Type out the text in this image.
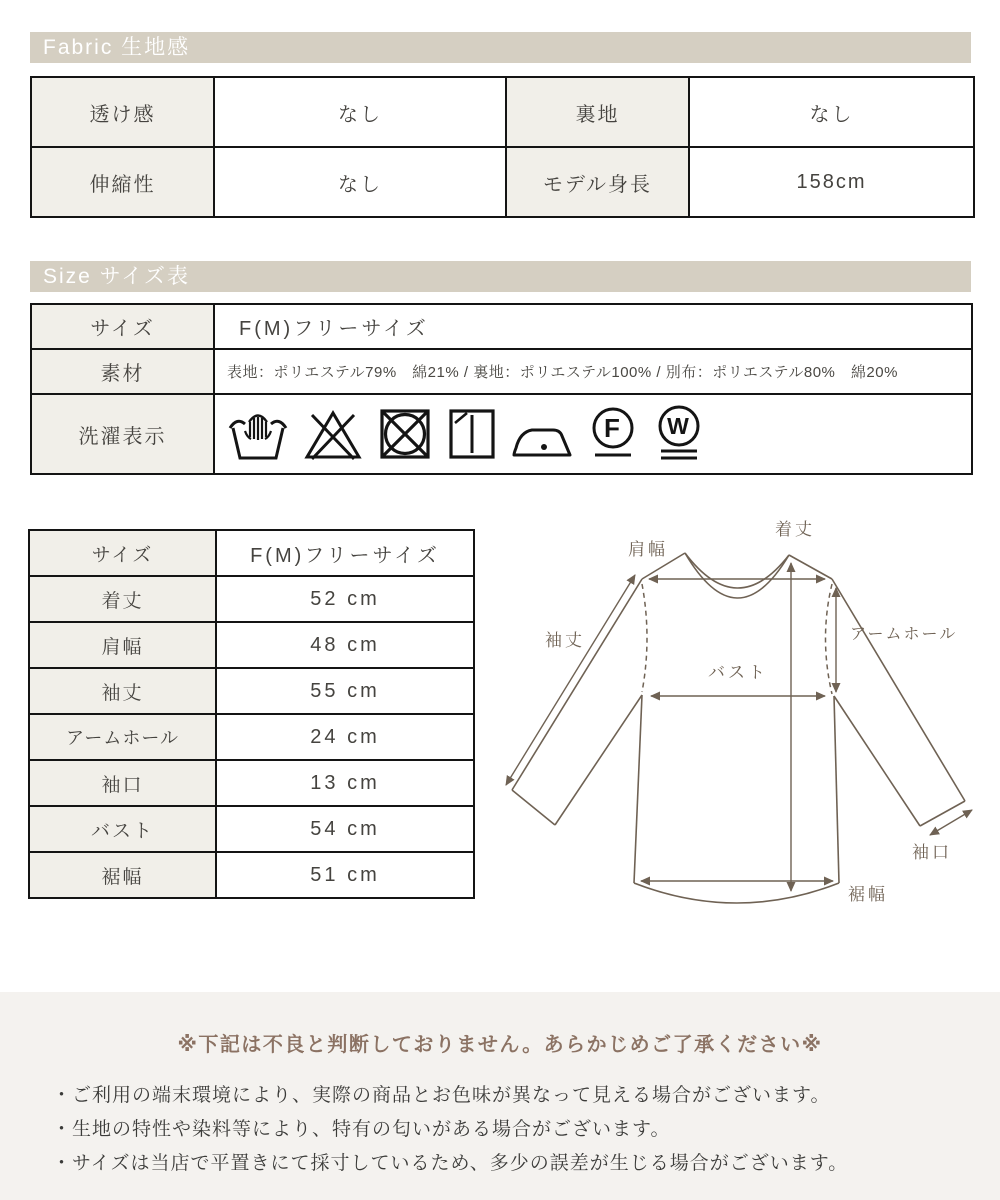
Fabric 生地感
透け感	なし	裏地	なし
伸縮性	なし	モデル身長	158cm
Size サイズ表
サイズ	F(M)フリーサイズ
素材	表地：ポリエステル79%　綿21% / 裏地：ポリエステル100% / 別布：ポリエステル80%　綿20%
洗濯表示	F W
サイズ	F(M)フリーサイズ
着丈	52 cm
肩幅	48 cm
袖丈	55 cm
アームホール	24 cm
袖口	13 cm
バスト	54 cm
裾幅	51 cm
肩幅
着丈
袖丈	アームホール
バスト
袖口
裾幅

※下記は不良と判断しておりません。あらかじめご了承ください※

・ご利用の端末環境により、実際の商品とお色味が異なって見える場合がございます。

・生地の特性や染料等により、特有の匂いがある場合がございます。

・サイズは当店で平置きにて採寸しているため、多少の誤差が生じる場合がございます。
